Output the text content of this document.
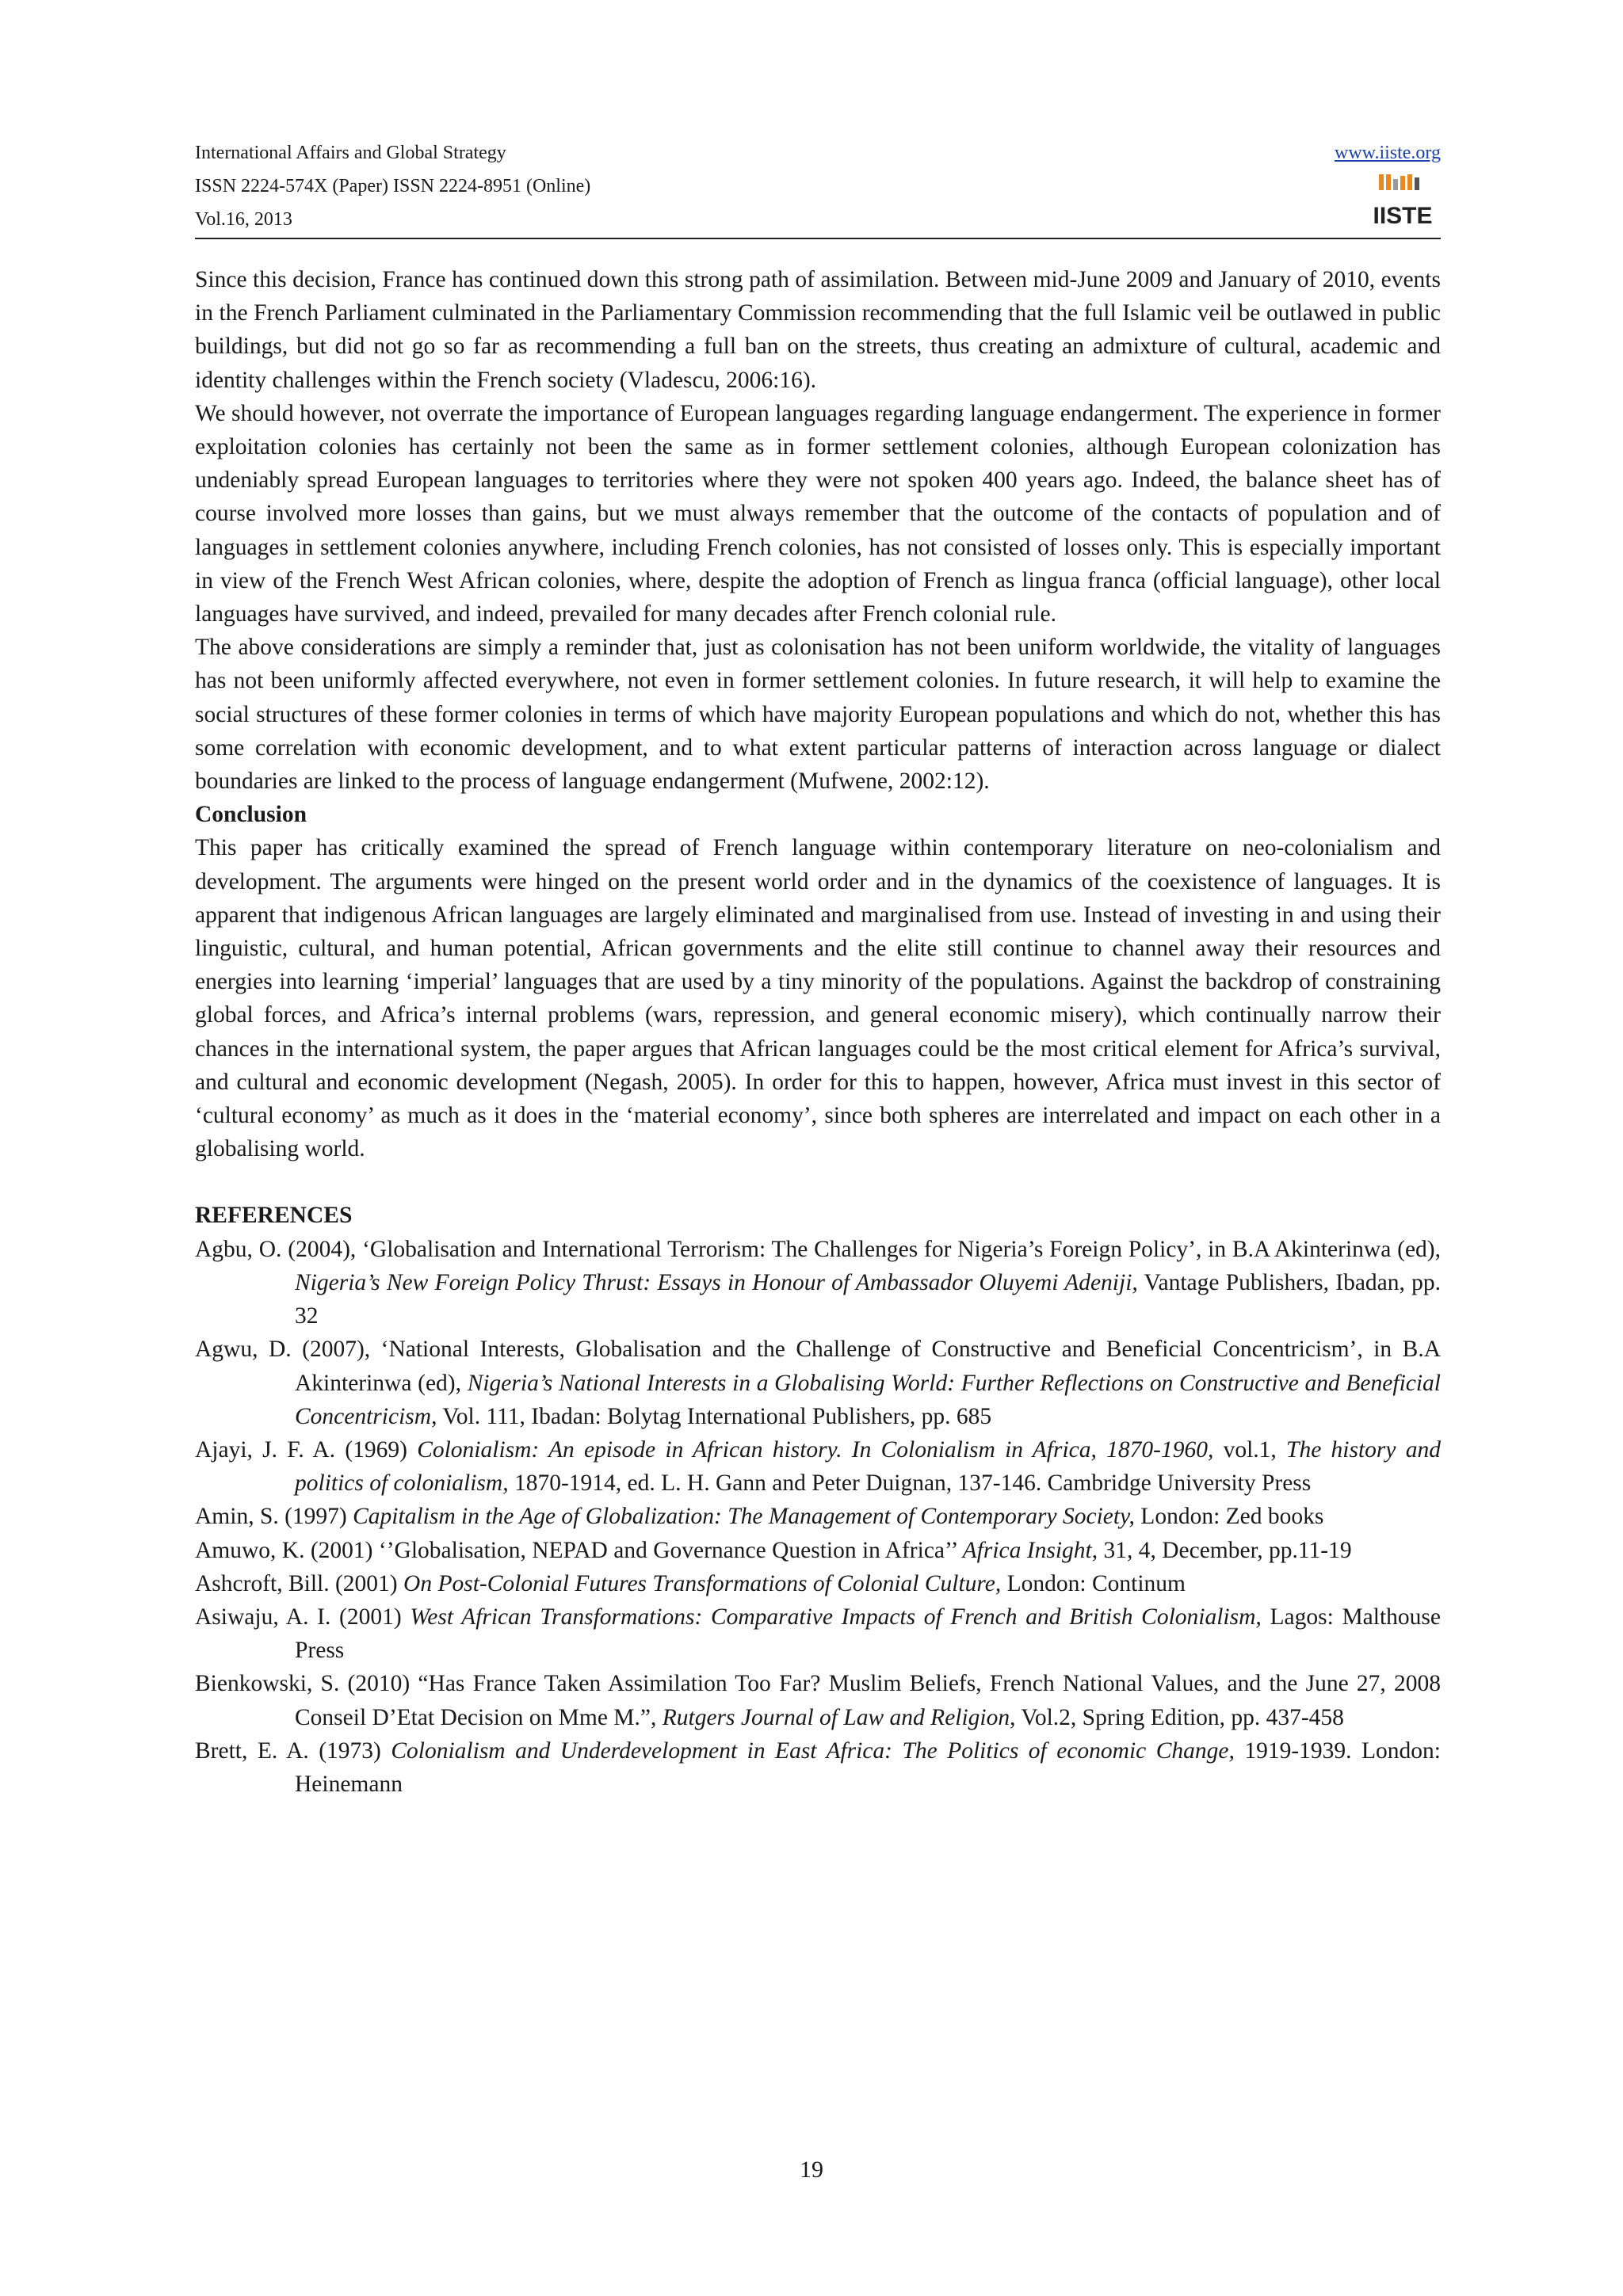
International Affairs and Global Strategy
ISSN 2224-574X (Paper) ISSN 2224-8951 (Online)
Vol.16, 2013
www.iiste.org
IISTE

Since this decision, France has continued down this strong path of assimilation. Between mid-June 2009 and January of 2010, events in the French Parliament culminated in the Parliamentary Commission recommending that the full Islamic veil be outlawed in public buildings, but did not go so far as recommending a full ban on the streets, thus creating an admixture of cultural, academic and identity challenges within the French society (Vladescu, 2006:16).

We should however, not overrate the importance of European languages regarding language endangerment. The experience in former exploitation colonies has certainly not been the same as in former settlement colonies, although European colonization has undeniably spread European languages to territories where they were not spoken 400 years ago. Indeed, the balance sheet has of course involved more losses than gains, but we must always remember that the outcome of the contacts of population and of languages in settlement colonies anywhere, including French colonies, has not consisted of losses only. This is especially important in view of the French West African colonies, where, despite the adoption of French as lingua franca (official language), other local languages have survived, and indeed, prevailed for many decades after French colonial rule.

The above considerations are simply a reminder that, just as colonisation has not been uniform worldwide, the vitality of languages has not been uniformly affected everywhere, not even in former settlement colonies. In future research, it will help to examine the social structures of these former colonies in terms of which have majority European populations and which do not, whether this has some correlation with economic development, and to what extent particular patterns of interaction across language or dialect boundaries are linked to the process of language endangerment (Mufwene, 2002:12).

Conclusion

This paper has critically examined the spread of French language within contemporary literature on neo-colonialism and development. The arguments were hinged on the present world order and in the dynamics of the coexistence of languages. It is apparent that indigenous African languages are largely eliminated and marginalised from use. Instead of investing in and using their linguistic, cultural, and human potential, African governments and the elite still continue to channel away their resources and energies into learning ‘imperial’ languages that are used by a tiny minority of the populations. Against the backdrop of constraining global forces, and Africa’s internal problems (wars, repression, and general economic misery), which continually narrow their chances in the international system, the paper argues that African languages could be the most critical element for Africa’s survival, and cultural and economic development (Negash, 2005). In order for this to happen, however, Africa must invest in this sector of ‘cultural economy’ as much as it does in the ‘material economy’, since both spheres are interrelated and impact on each other in a globalising world.

REFERENCES

Agbu, O. (2004), ‘Globalisation and International Terrorism: The Challenges for Nigeria’s Foreign Policy’, in B.A Akinterinwa (ed), Nigeria’s New Foreign Policy Thrust: Essays in Honour of Ambassador Oluyemi Adeniji, Vantage Publishers, Ibadan, pp. 32

Agwu, D. (2007), ‘National Interests, Globalisation and the Challenge of Constructive and Beneficial Concentricism’, in B.A Akinterinwa (ed), Nigeria’s National Interests in a Globalising World: Further Reflections on Constructive and Beneficial Concentricism, Vol. 111, Ibadan: Bolytag International Publishers, pp. 685

Ajayi, J. F. A. (1969) Colonialism: An episode in African history. In Colonialism in Africa, 1870-1960, vol.1, The history and politics of colonialism, 1870-1914, ed. L. H. Gann and Peter Duignan, 137-146. Cambridge University Press

Amin, S. (1997) Capitalism in the Age of Globalization: The Management of Contemporary Society, London: Zed books

Amuwo, K. (2001) ‘’Globalisation, NEPAD and Governance Question in Africa’’ Africa Insight, 31, 4, December, pp.11-19

Ashcroft, Bill. (2001) On Post-Colonial Futures Transformations of Colonial Culture, London: Continum

Asiwaju, A. I. (2001) West African Transformations: Comparative Impacts of French and British Colonialism, Lagos: Malthouse Press

Bienkowski, S. (2010) “Has France Taken Assimilation Too Far? Muslim Beliefs, French National Values, and the June 27, 2008 Conseil D’Etat Decision on Mme M.”, Rutgers Journal of Law and Religion, Vol.2, Spring Edition, pp. 437-458

Brett, E. A. (1973) Colonialism and Underdevelopment in East Africa: The Politics of economic Change, 1919-1939. London: Heinemann

19
